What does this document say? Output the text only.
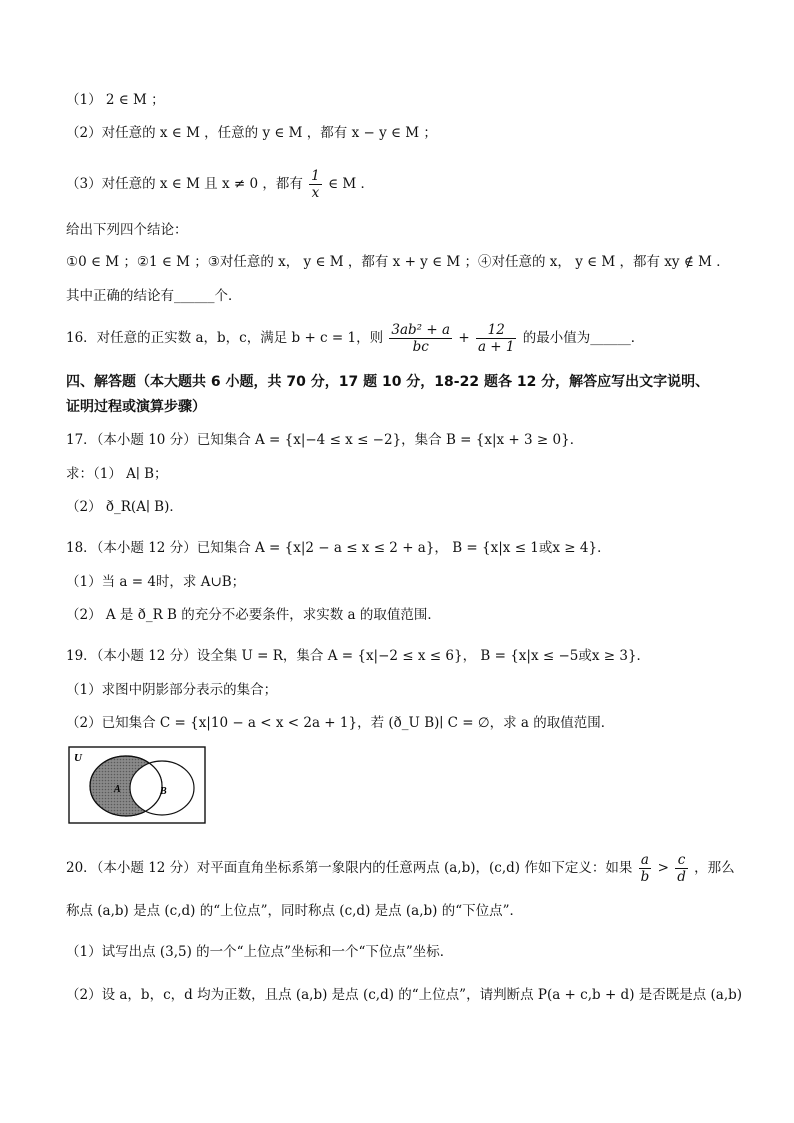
（1） 2 ∈ M ；
（2）对任意的 x ∈ M ，任意的 y ∈ M ，都有 x − y ∈ M ；
（3）对任意的 x ∈ M 且 x ≠ 0 ，都有 $\frac{1}{x}$ ∈ M ．
给出下列四个结论：
①0 ∈ M ；②1 ∈ M ；③对任意的 x， y ∈ M ，都有 x + y ∈ M ；④对任意的 x， y ∈ M ，都有 xy ∉ M ．
其中正确的结论有______个．
16．对任意的正实数 a，b，c，满足 b + c = 1，则 $\frac{\text{3ab² + a}}{bc} + \frac{12}{a + 1}$ 的最小值为______．
四、解答题（本大题共 6 小题，共 70 分，17 题 10 分，18-22 题各 12 分，解答应写出文字说明、
证明过程或演算步骤）
17．（本小题 10 分）已知集合 A = {x|−4 ≤ x ≤ −2}，集合 B = {x|x + 3 ≥ 0}．
求：（1） A∣ B；
（2） ð_R(A∣ B)．
18．（本小题 12 分）已知集合 A = {x|2 − a ≤ x ≤ 2 + a}， B = {x|x ≤ 1或x ≥ 4}．
（1）当 a = 4时，求 A∪B；
（2） A 是 ð_R B 的充分不必要条件，求实数 a 的取值范围．
19．（本小题 12 分）设全集 U = R，集合 A = {x|−2 ≤ x ≤ 6}， B = {x|x ≤ −5或x ≥ 3}．
（1）求图中阴影部分表示的集合；
（2）已知集合 C = {x|10 − a < x < 2a + 1}，若 (ð_U B)∣ C = ∅，求 a 的取值范围．
U
A	B
20．（本小题 12 分）对平面直角坐标系第一象限内的任意两点 (a,b)，(c,d) 作如下定义：如果 $\frac{a}{b} > \frac{c}{d}$ ，那么
称点 (a,b) 是点 (c,d) 的“上位点”，同时称点 (c,d) 是点 (a,b) 的“下位点”．
（1）试写出点 (3,5) 的一个“上位点”坐标和一个“下位点”坐标．
（2）设 a，b，c，d 均为正数，且点 (a,b) 是点 (c,d) 的“上位点”，请判断点 P(a + c,b + d) 是否既是点 (a,b)
